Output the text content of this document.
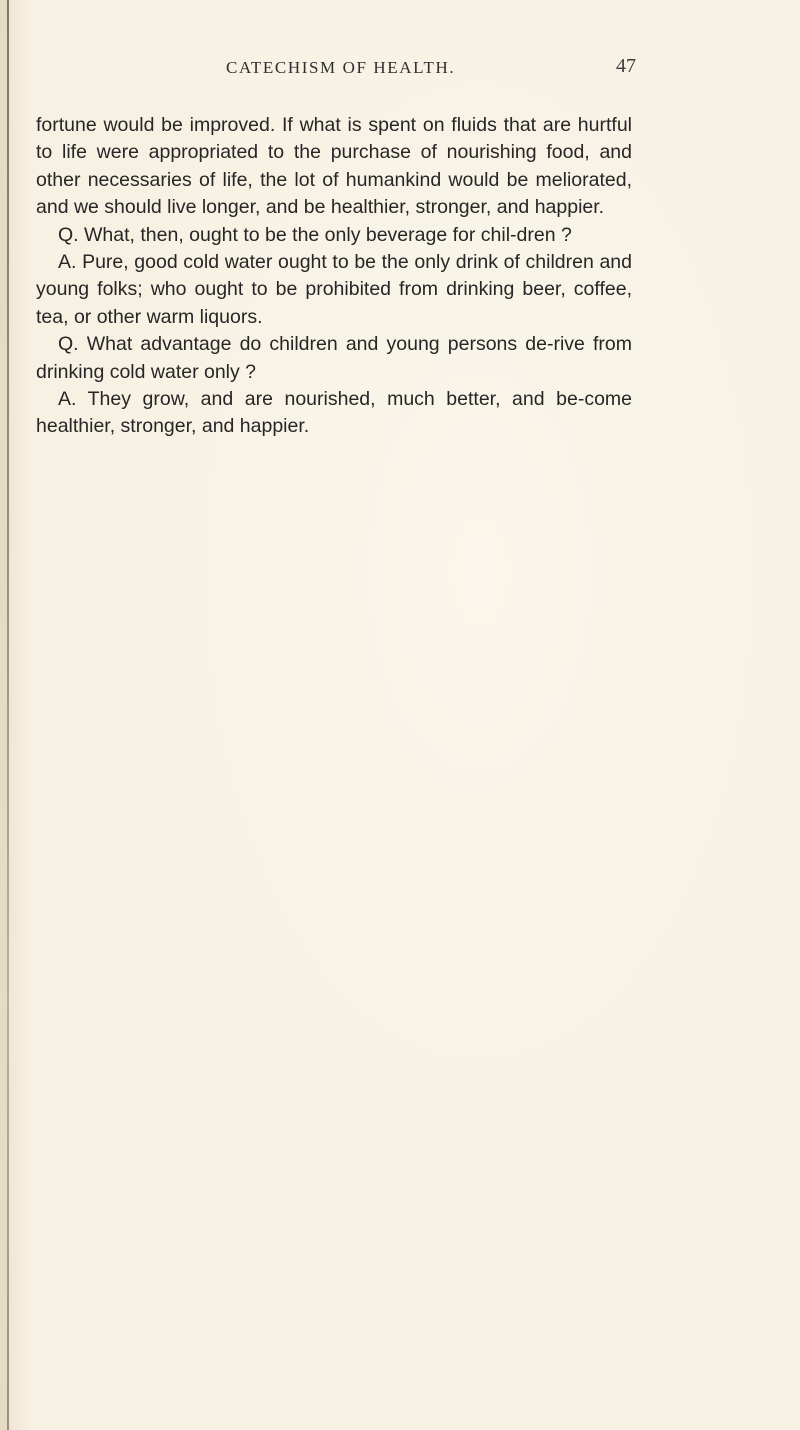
CATECHISM OF HEALTH.	47

fortune would be improved. If what is spent on fluids that are hurtful to life were appropriated to the purchase of nourishing food, and other necessaries of life, the lot of humankind would be meliorated, and we should live longer, and be healthier, stronger, and happier.

Q. What, then, ought to be the only beverage for chil-dren ?

A. Pure, good cold water ought to be the only drink of children and young folks; who ought to be prohibited from drinking beer, coffee, tea, or other warm liquors.

Q. What advantage do children and young persons de-rive from drinking cold water only ?

A. They grow, and are nourished, much better, and be-come healthier, stronger, and happier.
